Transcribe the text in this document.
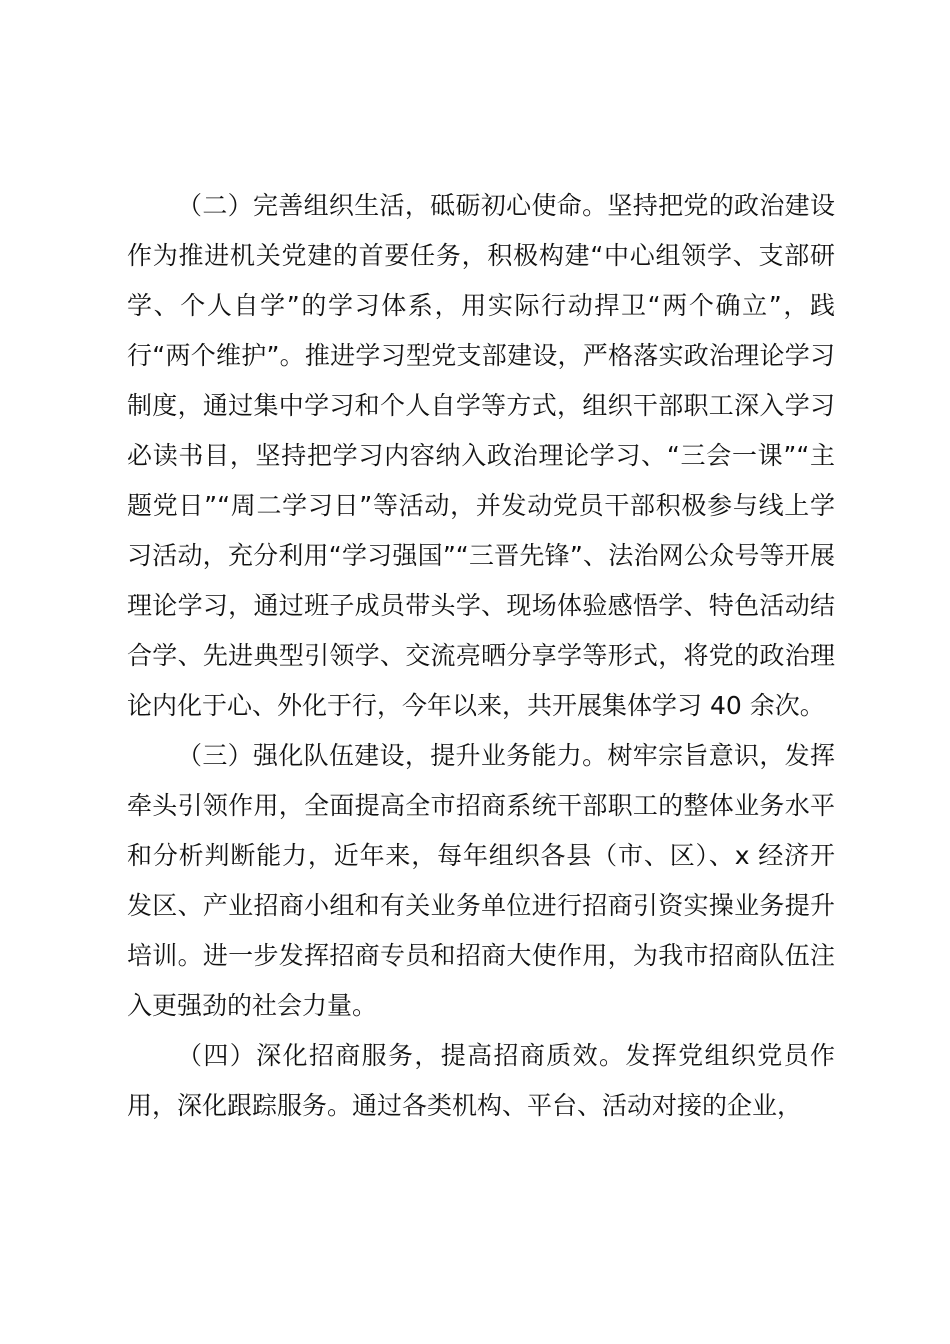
（二）完善组织生活，砥砺初心使命。坚持把党的政治建设作为推进机关党建的首要任务，积极构建“中心组领学、支部研学、个人自学”的学习体系，用实际行动捍卫“两个确立”，践行“两个维护”。推进学习型党支部建设，严格落实政治理论学习制度，通过集中学习和个人自学等方式，组织干部职工深入学习必读书目，坚持把学习内容纳入政治理论学习、“三会一课”“主题党日”“周二学习日”等活动，并发动党员干部积极参与线上学习活动，充分利用“学习强国”“三晋先锋”、法治网公众号等开展理论学习，通过班子成员带头学、现场体验感悟学、特色活动结合学、先进典型引领学、交流亮晒分享学等形式，将党的政治理论内化于心、外化于行，今年以来，共开展集体学习 40 余次。

（三）强化队伍建设，提升业务能力。树牢宗旨意识，发挥牵头引领作用，全面提高全市招商系统干部职工的整体业务水平和分析判断能力，近年来，每年组织各县（市、区）、x 经济开发区、产业招商小组和有关业务单位进行招商引资实操业务提升培训。进一步发挥招商专员和招商大使作用，为我市招商队伍注入更强劲的社会力量。

（四）深化招商服务，提高招商质效。发挥党组织党员作用，深化跟踪服务。通过各类机构、平台、活动对接的企业，
